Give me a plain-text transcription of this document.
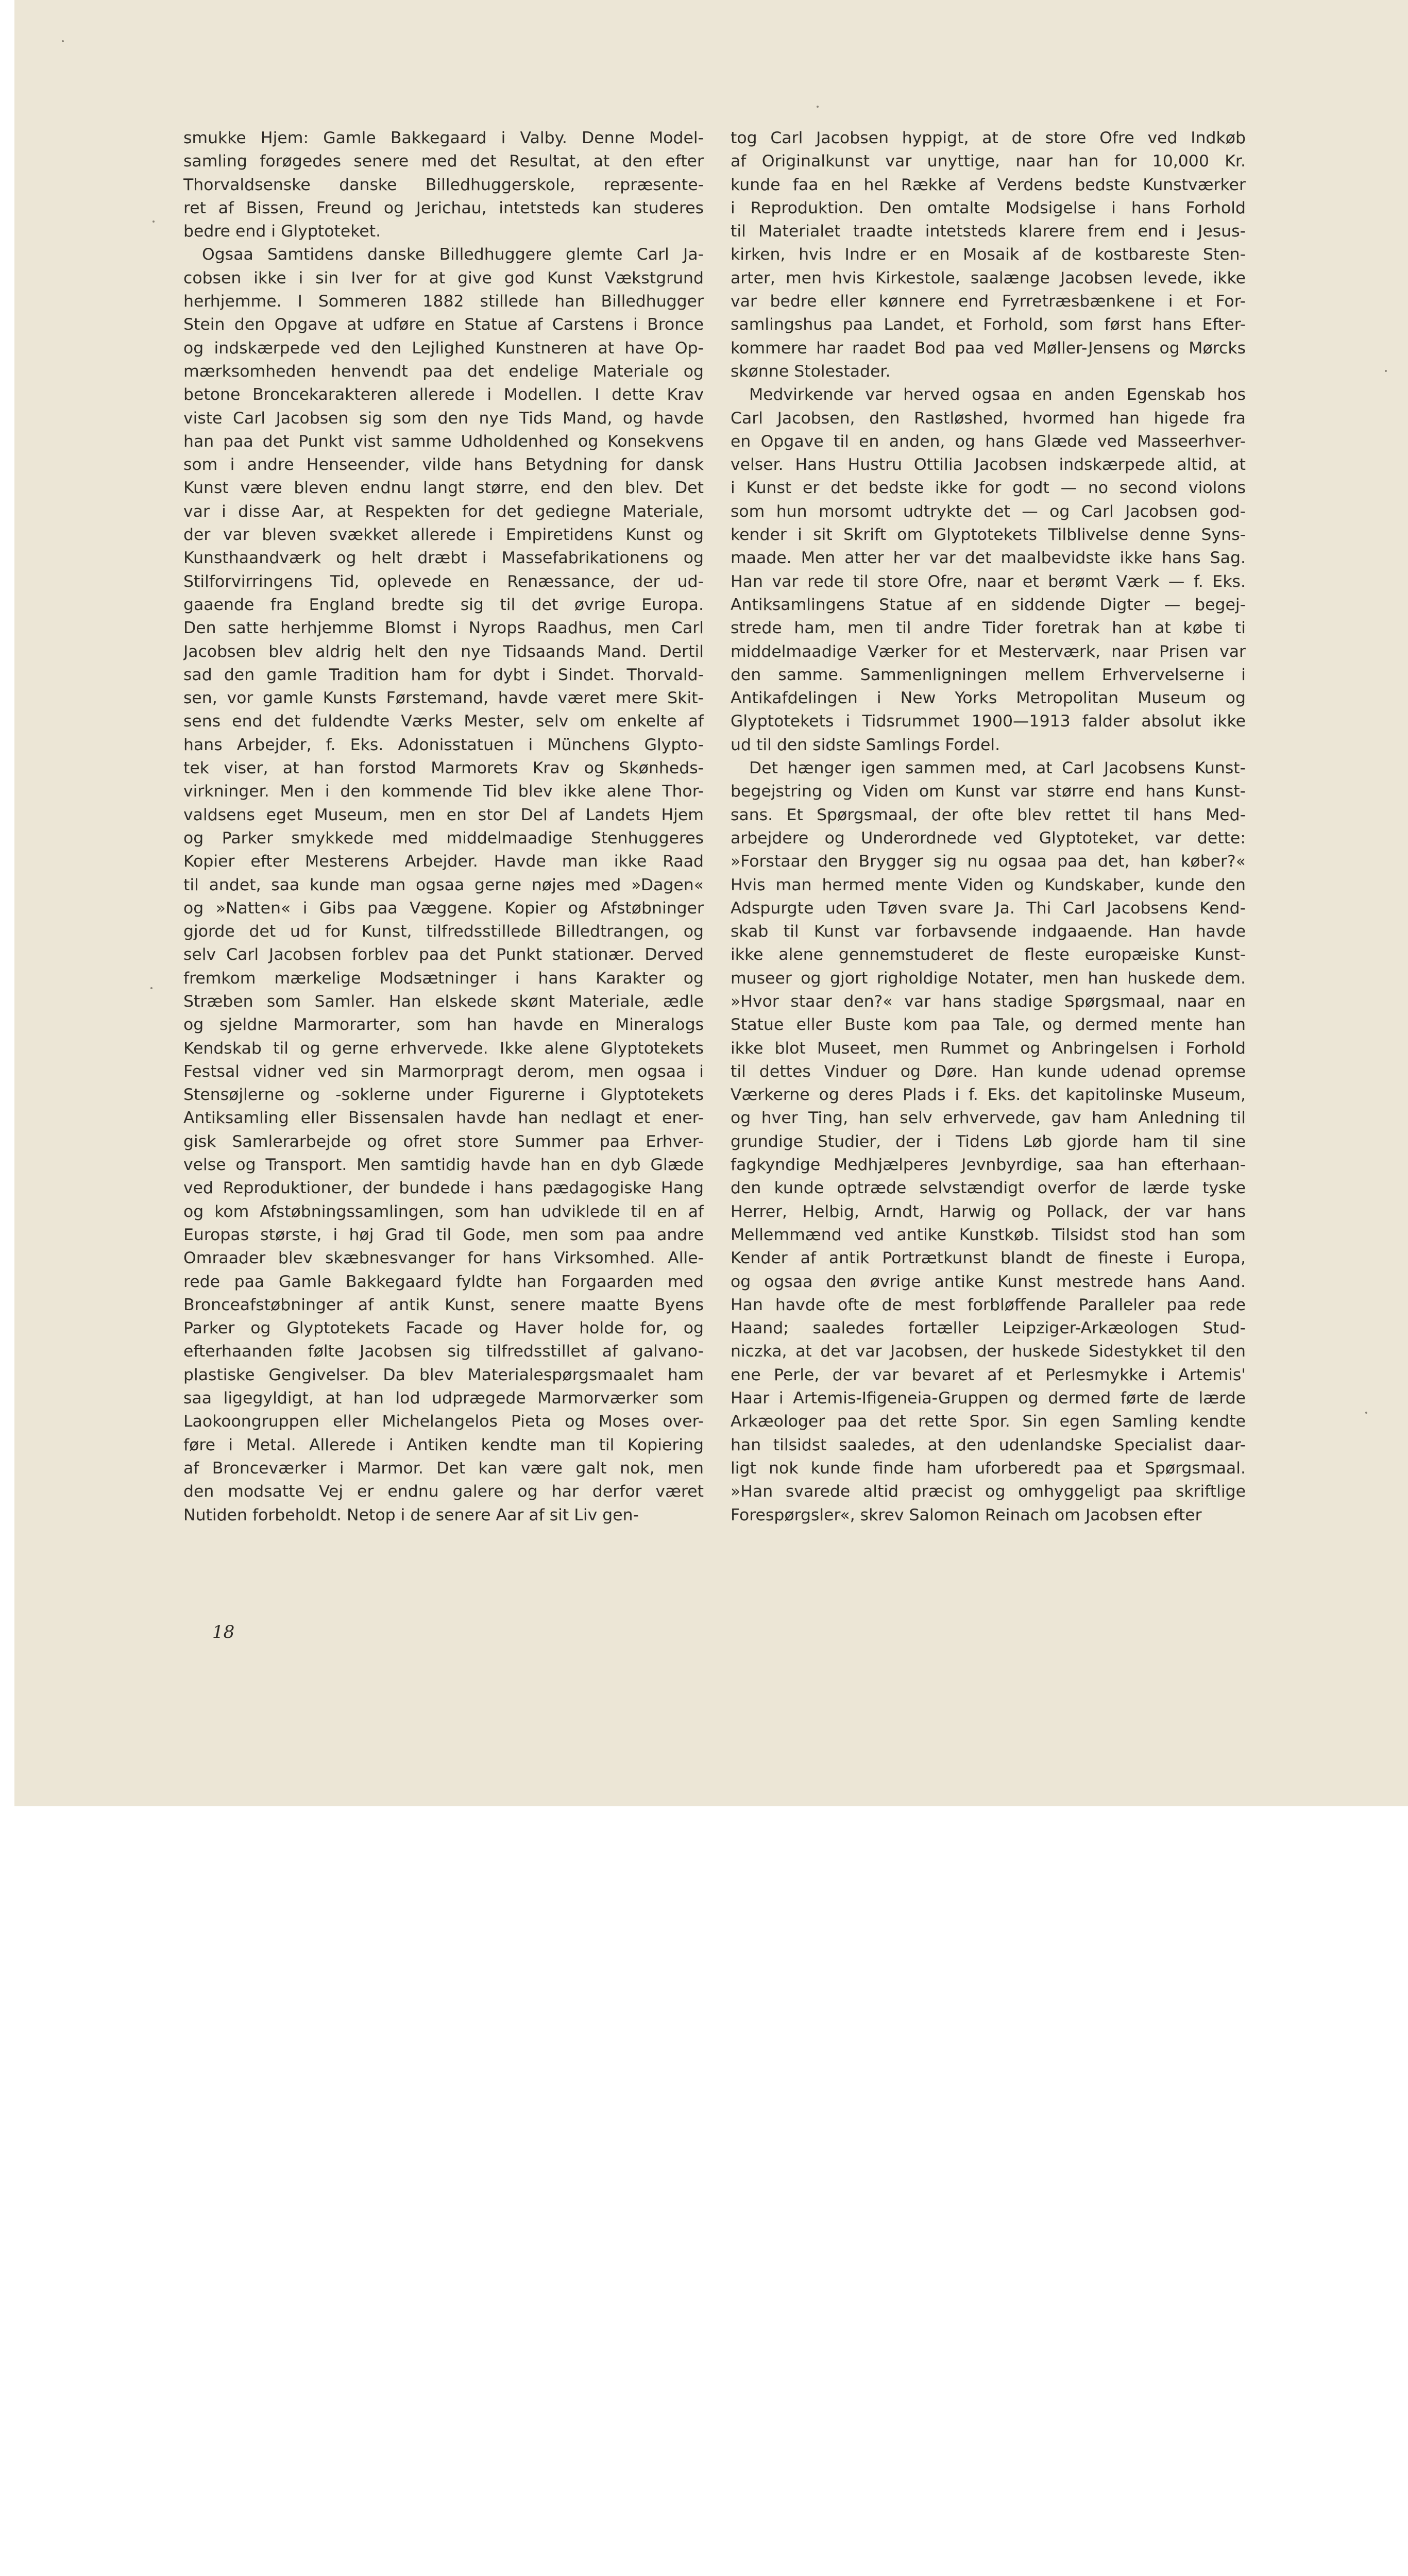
smukke Hjem: Gamle Bakkegaard i Valby. Denne Model-
samling forøgedes senere med det Resultat, at den efter
Thorvaldsenske danske Billedhuggerskole, repræsente-
ret af Bissen, Freund og Jerichau, intetsteds kan studeres
bedre end i Glyptoteket.
Ogsaa Samtidens danske Billedhuggere glemte Carl Ja-
cobsen ikke i sin Iver for at give god Kunst Vækstgrund
herhjemme. I Sommeren 1882 stillede han Billedhugger
Stein den Opgave at udføre en Statue af Carstens i Bronce
og indskærpede ved den Lejlighed Kunstneren at have Op-
mærksomheden henvendt paa det endelige Materiale og
betone Broncekarakteren allerede i Modellen. I dette Krav
viste Carl Jacobsen sig som den nye Tids Mand, og havde
han paa det Punkt vist samme Udholdenhed og Konsekvens
som i andre Henseender, vilde hans Betydning for dansk
Kunst være bleven endnu langt større, end den blev. Det
var i disse Aar, at Respekten for det gediegne Materiale,
der var bleven svækket allerede i Empiretidens Kunst og
Kunsthaandværk og helt dræbt i Massefabrikationens og
Stilforvirringens Tid, oplevede en Renæssance, der ud-
gaaende fra England bredte sig til det øvrige Europa.
Den satte herhjemme Blomst i Nyrops Raadhus, men Carl
Jacobsen blev aldrig helt den nye Tidsaands Mand. Dertil
sad den gamle Tradition ham for dybt i Sindet. Thorvald-
sen, vor gamle Kunsts Førstemand, havde været mere Skit-
sens end det fuldendte Værks Mester, selv om enkelte af
hans Arbejder, f. Eks. Adonisstatuen i Münchens Glypto-
tek viser, at han forstod Marmorets Krav og Skønheds-
virkninger. Men i den kommende Tid blev ikke alene Thor-
valdsens eget Museum, men en stor Del af Landets Hjem
og Parker smykkede med middelmaadige Stenhuggeres
Kopier efter Mesterens Arbejder. Havde man ikke Raad
til andet, saa kunde man ogsaa gerne nøjes med »Dagen«
og »Natten« i Gibs paa Væggene. Kopier og Afstøbninger
gjorde det ud for Kunst, tilfredsstillede Billedtrangen, og
selv Carl Jacobsen forblev paa det Punkt stationær. Derved
fremkom mærkelige Modsætninger i hans Karakter og
Stræben som Samler. Han elskede skønt Materiale, ædle
og sjeldne Marmorarter, som han havde en Mineralogs
Kendskab til og gerne erhvervede. Ikke alene Glyptotekets
Festsal vidner ved sin Marmorpragt derom, men ogsaa i
Stensøjlerne og -soklerne under Figurerne i Glyptotekets
Antiksamling eller Bissensalen havde han nedlagt et ener-
gisk Samlerarbejde og ofret store Summer paa Erhver-
velse og Transport. Men samtidig havde han en dyb Glæde
ved Reproduktioner, der bundede i hans pædagogiske Hang
og kom Afstøbningssamlingen, som han udviklede til en af
Europas største, i høj Grad til Gode, men som paa andre
Omraader blev skæbnesvanger for hans Virksomhed. Alle-
rede paa Gamle Bakkegaard fyldte han Forgaarden med
Bronceafstøbninger af antik Kunst, senere maatte Byens
Parker og Glyptotekets Facade og Haver holde for, og
efterhaanden følte Jacobsen sig tilfredsstillet af galvano-
plastiske Gengivelser. Da blev Materialespørgsmaalet ham
saa ligegyldigt, at han lod udprægede Marmorværker som
Laokoongruppen eller Michelangelos Pieta og Moses over-
føre i Metal. Allerede i Antiken kendte man til Kopiering
af Bronceværker i Marmor. Det kan være galt nok, men
den modsatte Vej er endnu galere og har derfor været
Nutiden forbeholdt. Netop i de senere Aar af sit Liv gen-
tog Carl Jacobsen hyppigt, at de store Ofre ved Indkøb
af Originalkunst var unyttige, naar han for 10,000 Kr.
kunde faa en hel Række af Verdens bedste Kunstværker
i Reproduktion. Den omtalte Modsigelse i hans Forhold
til Materialet traadte intetsteds klarere frem end i Jesus-
kirken, hvis Indre er en Mosaik af de kostbareste Sten-
arter, men hvis Kirkestole, saalænge Jacobsen levede, ikke
var bedre eller kønnere end Fyrretræsbænkene i et For-
samlingshus paa Landet, et Forhold, som først hans Efter-
kommere har raadet Bod paa ved Møller-Jensens og Mørcks
skønne Stolestader.
Medvirkende var herved ogsaa en anden Egenskab hos
Carl Jacobsen, den Rastløshed, hvormed han higede fra
en Opgave til en anden, og hans Glæde ved Masseerhver-
velser. Hans Hustru Ottilia Jacobsen indskærpede altid, at
i Kunst er det bedste ikke for godt — no second violons
som hun morsomt udtrykte det — og Carl Jacobsen god-
kender i sit Skrift om Glyptotekets Tilblivelse denne Syns-
maade. Men atter her var det maalbevidste ikke hans Sag.
Han var rede til store Ofre, naar et berømt Værk — f. Eks.
Antiksamlingens Statue af en siddende Digter — begej-
strede ham, men til andre Tider foretrak han at købe ti
middelmaadige Værker for et Mesterværk, naar Prisen var
den samme. Sammenligningen mellem Erhvervelserne i
Antikafdelingen i New Yorks Metropolitan Museum og
Glyptotekets i Tidsrummet 1900—1913 falder absolut ikke
ud til den sidste Samlings Fordel.
Det hænger igen sammen med, at Carl Jacobsens Kunst-
begejstring og Viden om Kunst var større end hans Kunst-
sans. Et Spørgsmaal, der ofte blev rettet til hans Med-
arbejdere og Underordnede ved Glyptoteket, var dette:
»Forstaar den Brygger sig nu ogsaa paa det, han køber?«
Hvis man hermed mente Viden og Kundskaber, kunde den
Adspurgte uden Tøven svare Ja. Thi Carl Jacobsens Kend-
skab til Kunst var forbavsende indgaaende. Han havde
ikke alene gennemstuderet de fleste europæiske Kunst-
museer og gjort righoldige Notater, men han huskede dem.
»Hvor staar den?« var hans stadige Spørgsmaal, naar en
Statue eller Buste kom paa Tale, og dermed mente han
ikke blot Museet, men Rummet og Anbringelsen i Forhold
til dettes Vinduer og Døre. Han kunde udenad opremse
Værkerne og deres Plads i f. Eks. det kapitolinske Museum,
og hver Ting, han selv erhvervede, gav ham Anledning til
grundige Studier, der i Tidens Løb gjorde ham til sine
fagkyndige Medhjælperes Jevnbyrdige, saa han efterhaan-
den kunde optræde selvstændigt overfor de lærde tyske
Herrer, Helbig, Arndt, Harwig og Pollack, der var hans
Mellemmænd ved antike Kunstkøb. Tilsidst stod han som
Kender af antik Portrætkunst blandt de fineste i Europa,
og ogsaa den øvrige antike Kunst mestrede hans Aand.
Han havde ofte de mest forbløffende Paralleler paa rede
Haand; saaledes fortæller Leipziger-Arkæologen Stud-
niczka, at det var Jacobsen, der huskede Sidestykket til den
ene Perle, der var bevaret af et Perlesmykke i Artemis'
Haar i Artemis-Ifigeneia-Gruppen og dermed førte de lærde
Arkæologer paa det rette Spor. Sin egen Samling kendte
han tilsidst saaledes, at den udenlandske Specialist daar-
ligt nok kunde finde ham uforberedt paa et Spørgsmaal.
»Han svarede altid præcist og omhyggeligt paa skriftlige
Forespørgsler«, skrev Salomon Reinach om Jacobsen efter
18
